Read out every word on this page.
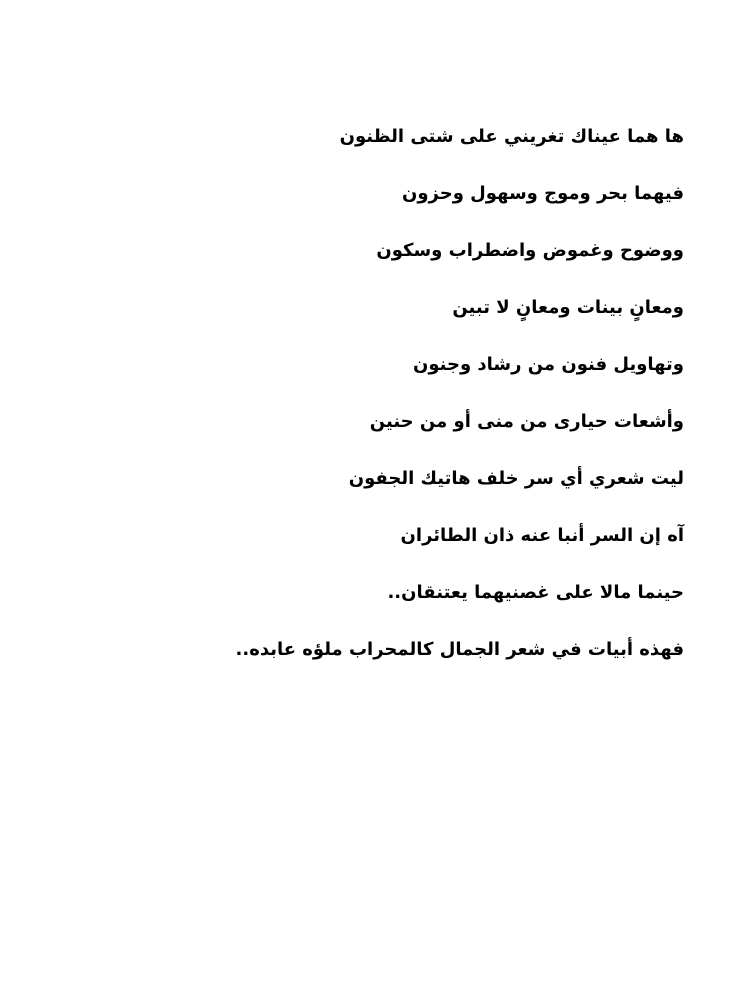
ها هما عيناك تغريني على شتى الظنون
فيهما بحر وموج وسهول وحزون
ووضوح وغموض واضطراب وسكون
ومعانٍ بينات ومعانٍ لا تبين
وتهاويل فنون من رشاد وجنون
وأشعات حيارى من منى أو من حنين
ليت شعري أي سر خلف هاتيك الجفون
آه إن السر أنبا عنه ذان الطائران
حينما مالا على غصنيهما يعتنقان..
فهذه أبيات في شعر الجمال كالمحراب ملؤه عابده..
